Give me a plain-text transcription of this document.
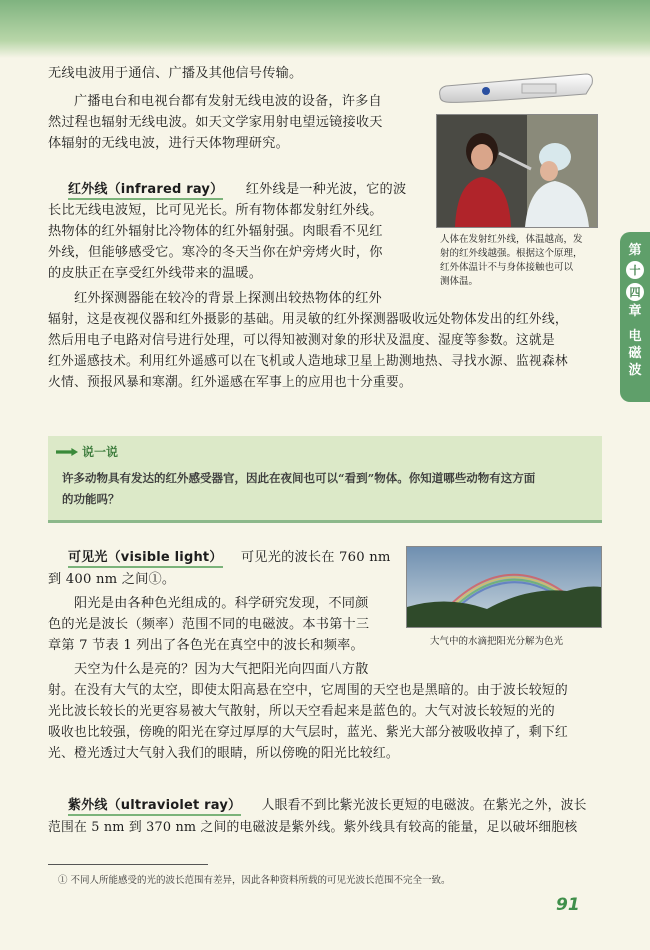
第
十
四
章
电
磁
波
无线电波用于通信、广播及其他信号传输。
广播电台和电视台都有发射无线电波的设备，许多自
然过程也辐射无线电波。如天文学家用射电望远镜接收天
体辐射的无线电波，进行天体物理研究。
人体在发射红外线，体温越高，发
射的红外线越强。根据这个原理，
红外体温计不与身体接触也可以
测体温。
红外线（infrared ray） 红外线是一种光波，它的波
长比无线电波短，比可见光长。所有物体都发射红外线。
热物体的红外辐射比冷物体的红外辐射强。肉眼看不见红
外线，但能够感受它。寒冷的冬天当你在炉旁烤火时，你
的皮肤正在享受红外线带来的温暖。
红外探测器能在较冷的背景上探测出较热物体的红外
辐射，这是夜视仪器和红外摄影的基础。用灵敏的红外探测器吸收远处物体发出的红外线，
然后用电子电路对信号进行处理，可以得知被测对象的形状及温度、湿度等参数。这就是
红外遥感技术。利用红外遥感可以在飞机或人造地球卫星上勘测地热、寻找水源、监视森林
火情、预报风暴和寒潮。红外遥感在军事上的应用也十分重要。
说一说
许多动物具有发达的红外感受器官，因此在夜间也可以“看到”物体。你知道哪些动物有这方面
的功能吗？
可见光（visible light） 可见光的波长在 760 nm
到 400 nm 之间①。
阳光是由各种色光组成的。科学研究发现，不同颜
色的光是波长（频率）范围不同的电磁波。本书第十三
章第 7 节表 1 列出了各色光在真空中的波长和频率。
天空为什么是亮的？因为大气把阳光向四面八方散
射。在没有大气的太空，即使太阳高悬在空中，它周围的天空也是黑暗的。由于波长较短的
光比波长较长的光更容易被大气散射，所以天空看起来是蓝色的。大气对波长较短的光的
吸收也比较强，傍晚的阳光在穿过厚厚的大气层时，蓝光、紫光大部分被吸收掉了，剩下红
光、橙光透过大气射入我们的眼睛，所以傍晚的阳光比较红。
大气中的水滴把阳光分解为色光
紫外线（ultraviolet ray） 人眼看不到比紫光波长更短的电磁波。在紫光之外，波长
范围在 5 nm 到 370 nm 之间的电磁波是紫外线。紫外线具有较高的能量，足以破坏细胞核
① 不同人所能感受的光的波长范围有差异，因此各种资料所载的可见光波长范围不完全一致。
91
